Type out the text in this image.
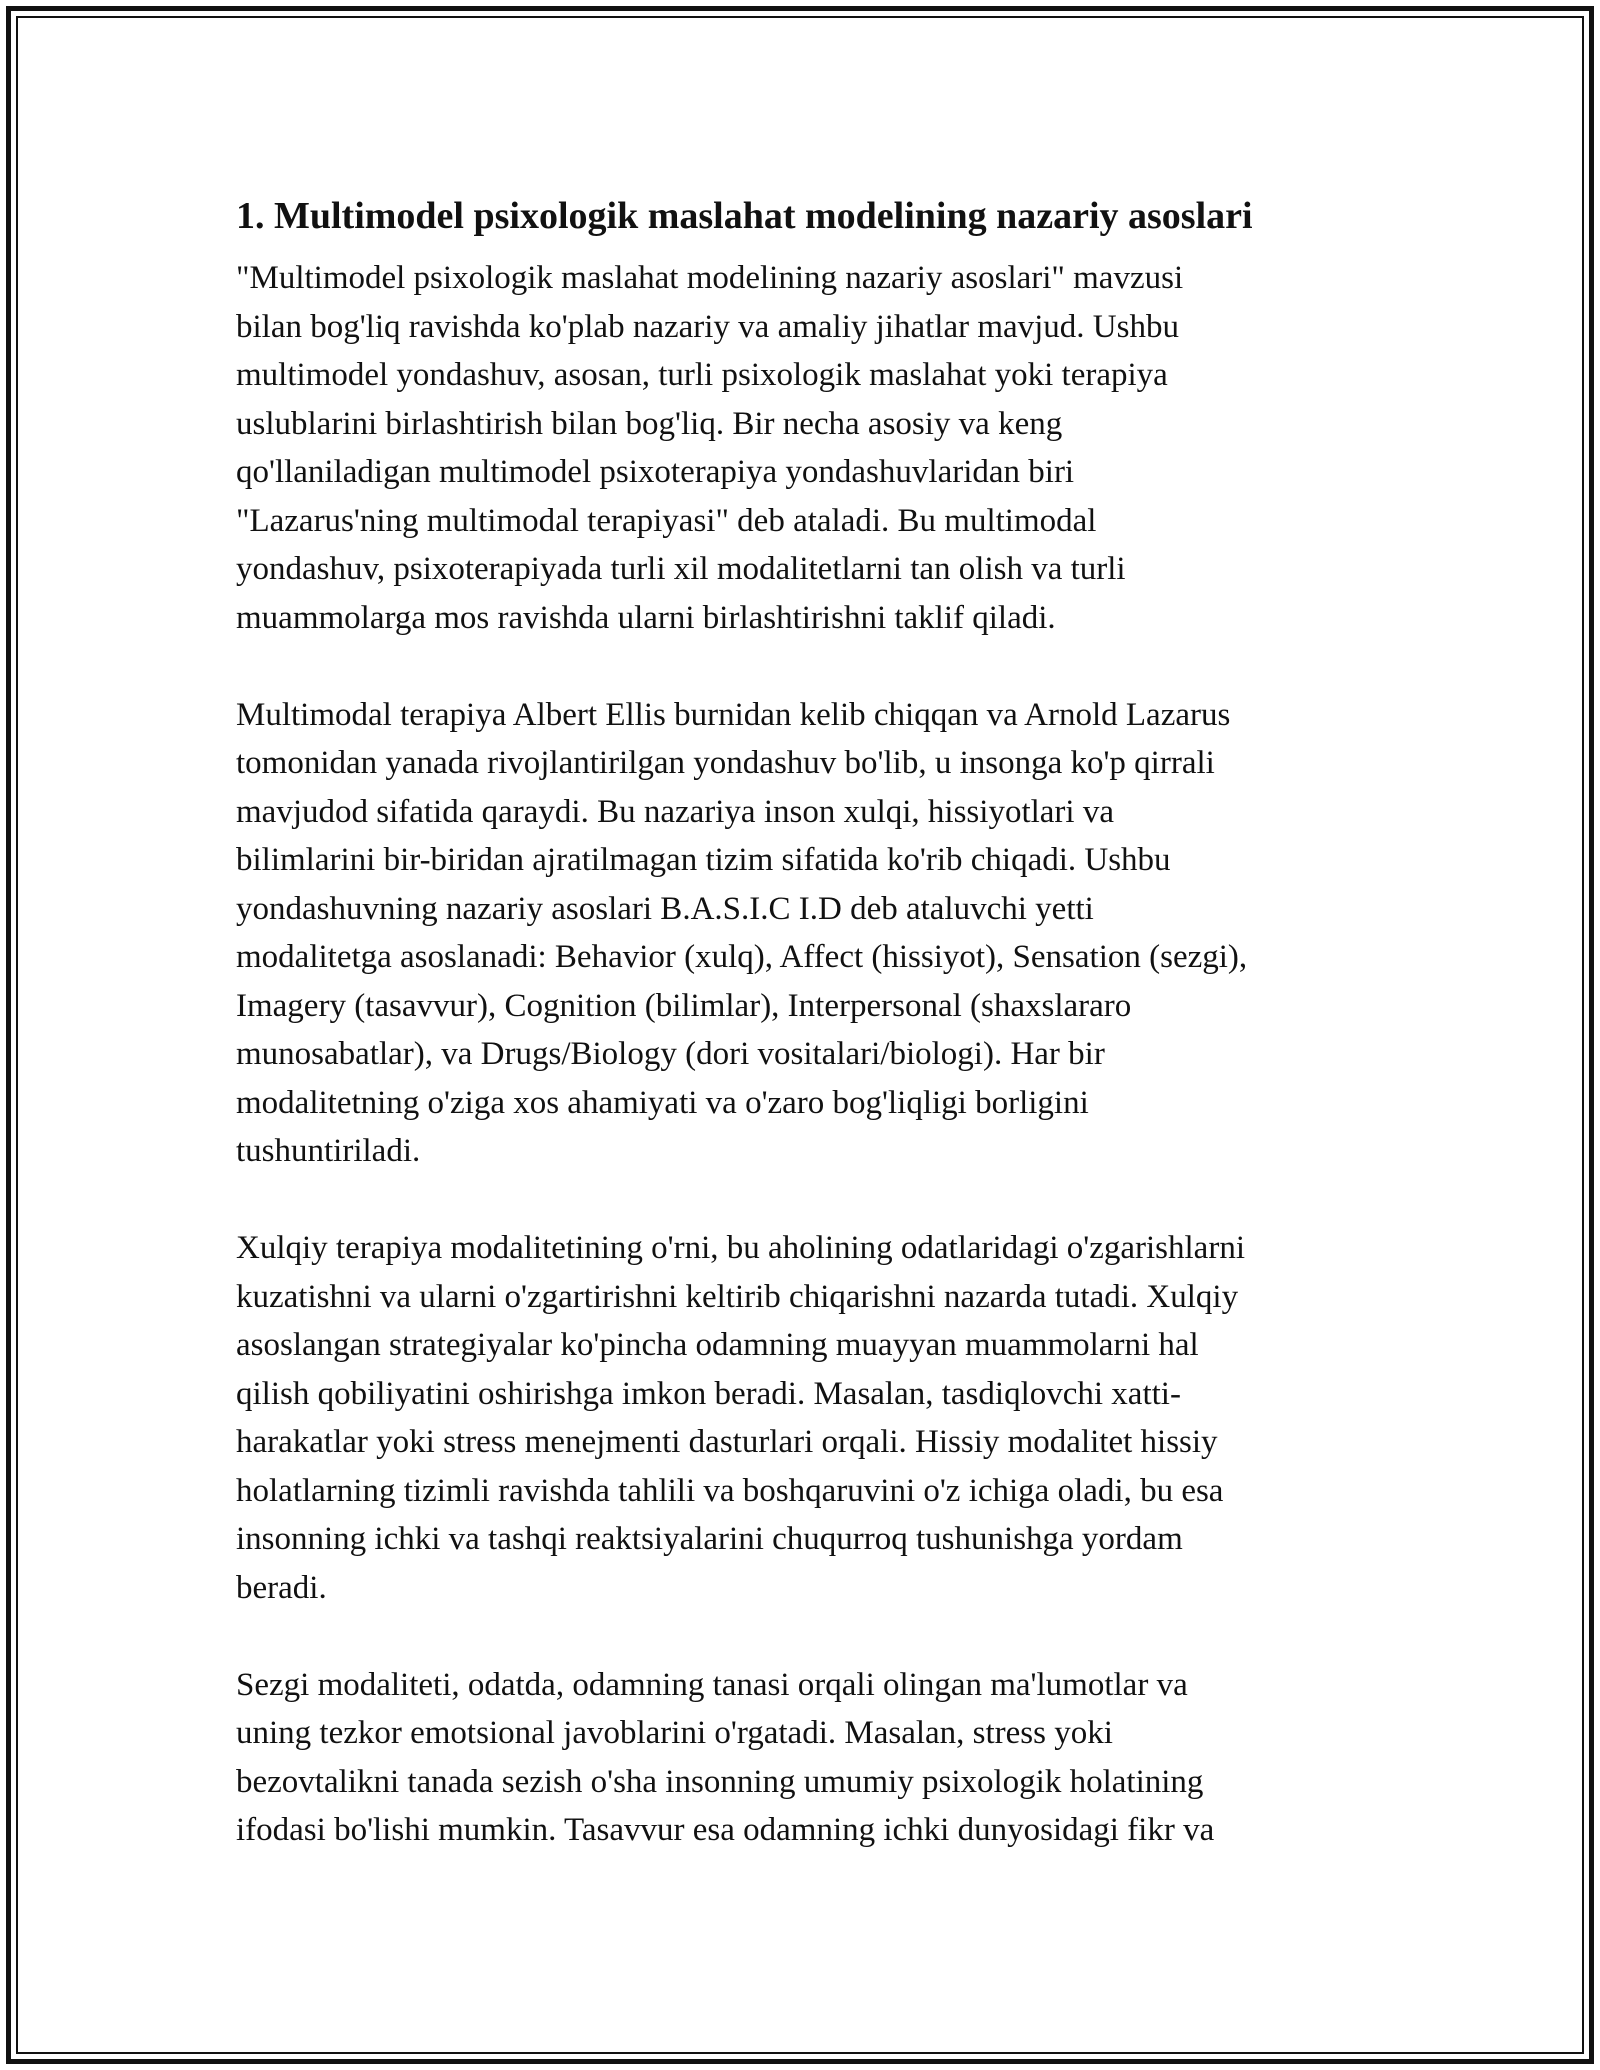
1. Multimodel psixologik maslahat modelining nazariy asoslari

"Multimodel psixologik maslahat modelining nazariy asoslari" mavzusi
bilan bog'liq ravishda ko'plab nazariy va amaliy jihatlar mavjud. Ushbu
multimodel yondashuv, asosan, turli psixologik maslahat yoki terapiya
uslublarini birlashtirish bilan bog'liq. Bir necha asosiy va keng
qo'llaniladigan multimodel psixoterapiya yondashuvlaridan biri
"Lazarus'ning multimodal terapiyasi" deb ataladi. Bu multimodal
yondashuv, psixoterapiyada turli xil modalitetlarni tan olish va turli
muammolarga mos ravishda ularni birlashtirishni taklif qiladi.

Multimodal terapiya Albert Ellis burnidan kelib chiqqan va Arnold Lazarus
tomonidan yanada rivojlantirilgan yondashuv bo'lib, u insonga ko'p qirrali
mavjudod sifatida qaraydi. Bu nazariya inson xulqi, hissiyotlari va
bilimlarini bir-biridan ajratilmagan tizim sifatida ko'rib chiqadi. Ushbu
yondashuvning nazariy asoslari B.A.S.I.C I.D deb ataluvchi yetti
modalitetga asoslanadi: Behavior (xulq), Affect (hissiyot), Sensation (sezgi),
Imagery (tasavvur), Cognition (bilimlar), Interpersonal (shaxslararo
munosabatlar), va Drugs/Biology (dori vositalari/biologi). Har bir
modalitetning o'ziga xos ahamiyati va o'zaro bog'liqligi borligini
tushuntiriladi.

Xulqiy terapiya modalitetining o'rni, bu aholining odatlaridagi o'zgarishlarni
kuzatishni va ularni o'zgartirishni keltirib chiqarishni nazarda tutadi. Xulqiy
asoslangan strategiyalar ko'pincha odamning muayyan muammolarni hal
qilish qobiliyatini oshirishga imkon beradi. Masalan, tasdiqlovchi xatti-
harakatlar yoki stress menejmenti dasturlari orqali. Hissiy modalitet hissiy
holatlarning tizimli ravishda tahlili va boshqaruvini o'z ichiga oladi, bu esa
insonning ichki va tashqi reaktsiyalarini chuqurroq tushunishga yordam
beradi.

Sezgi modaliteti, odatda, odamning tanasi orqali olingan ma'lumotlar va
uning tezkor emotsional javoblarini o'rgatadi. Masalan, stress yoki
bezovtalikni tanada sezish o'sha insonning umumiy psixologik holatining
ifodasi bo'lishi mumkin. Tasavvur esa odamning ichki dunyosidagi fikr va
